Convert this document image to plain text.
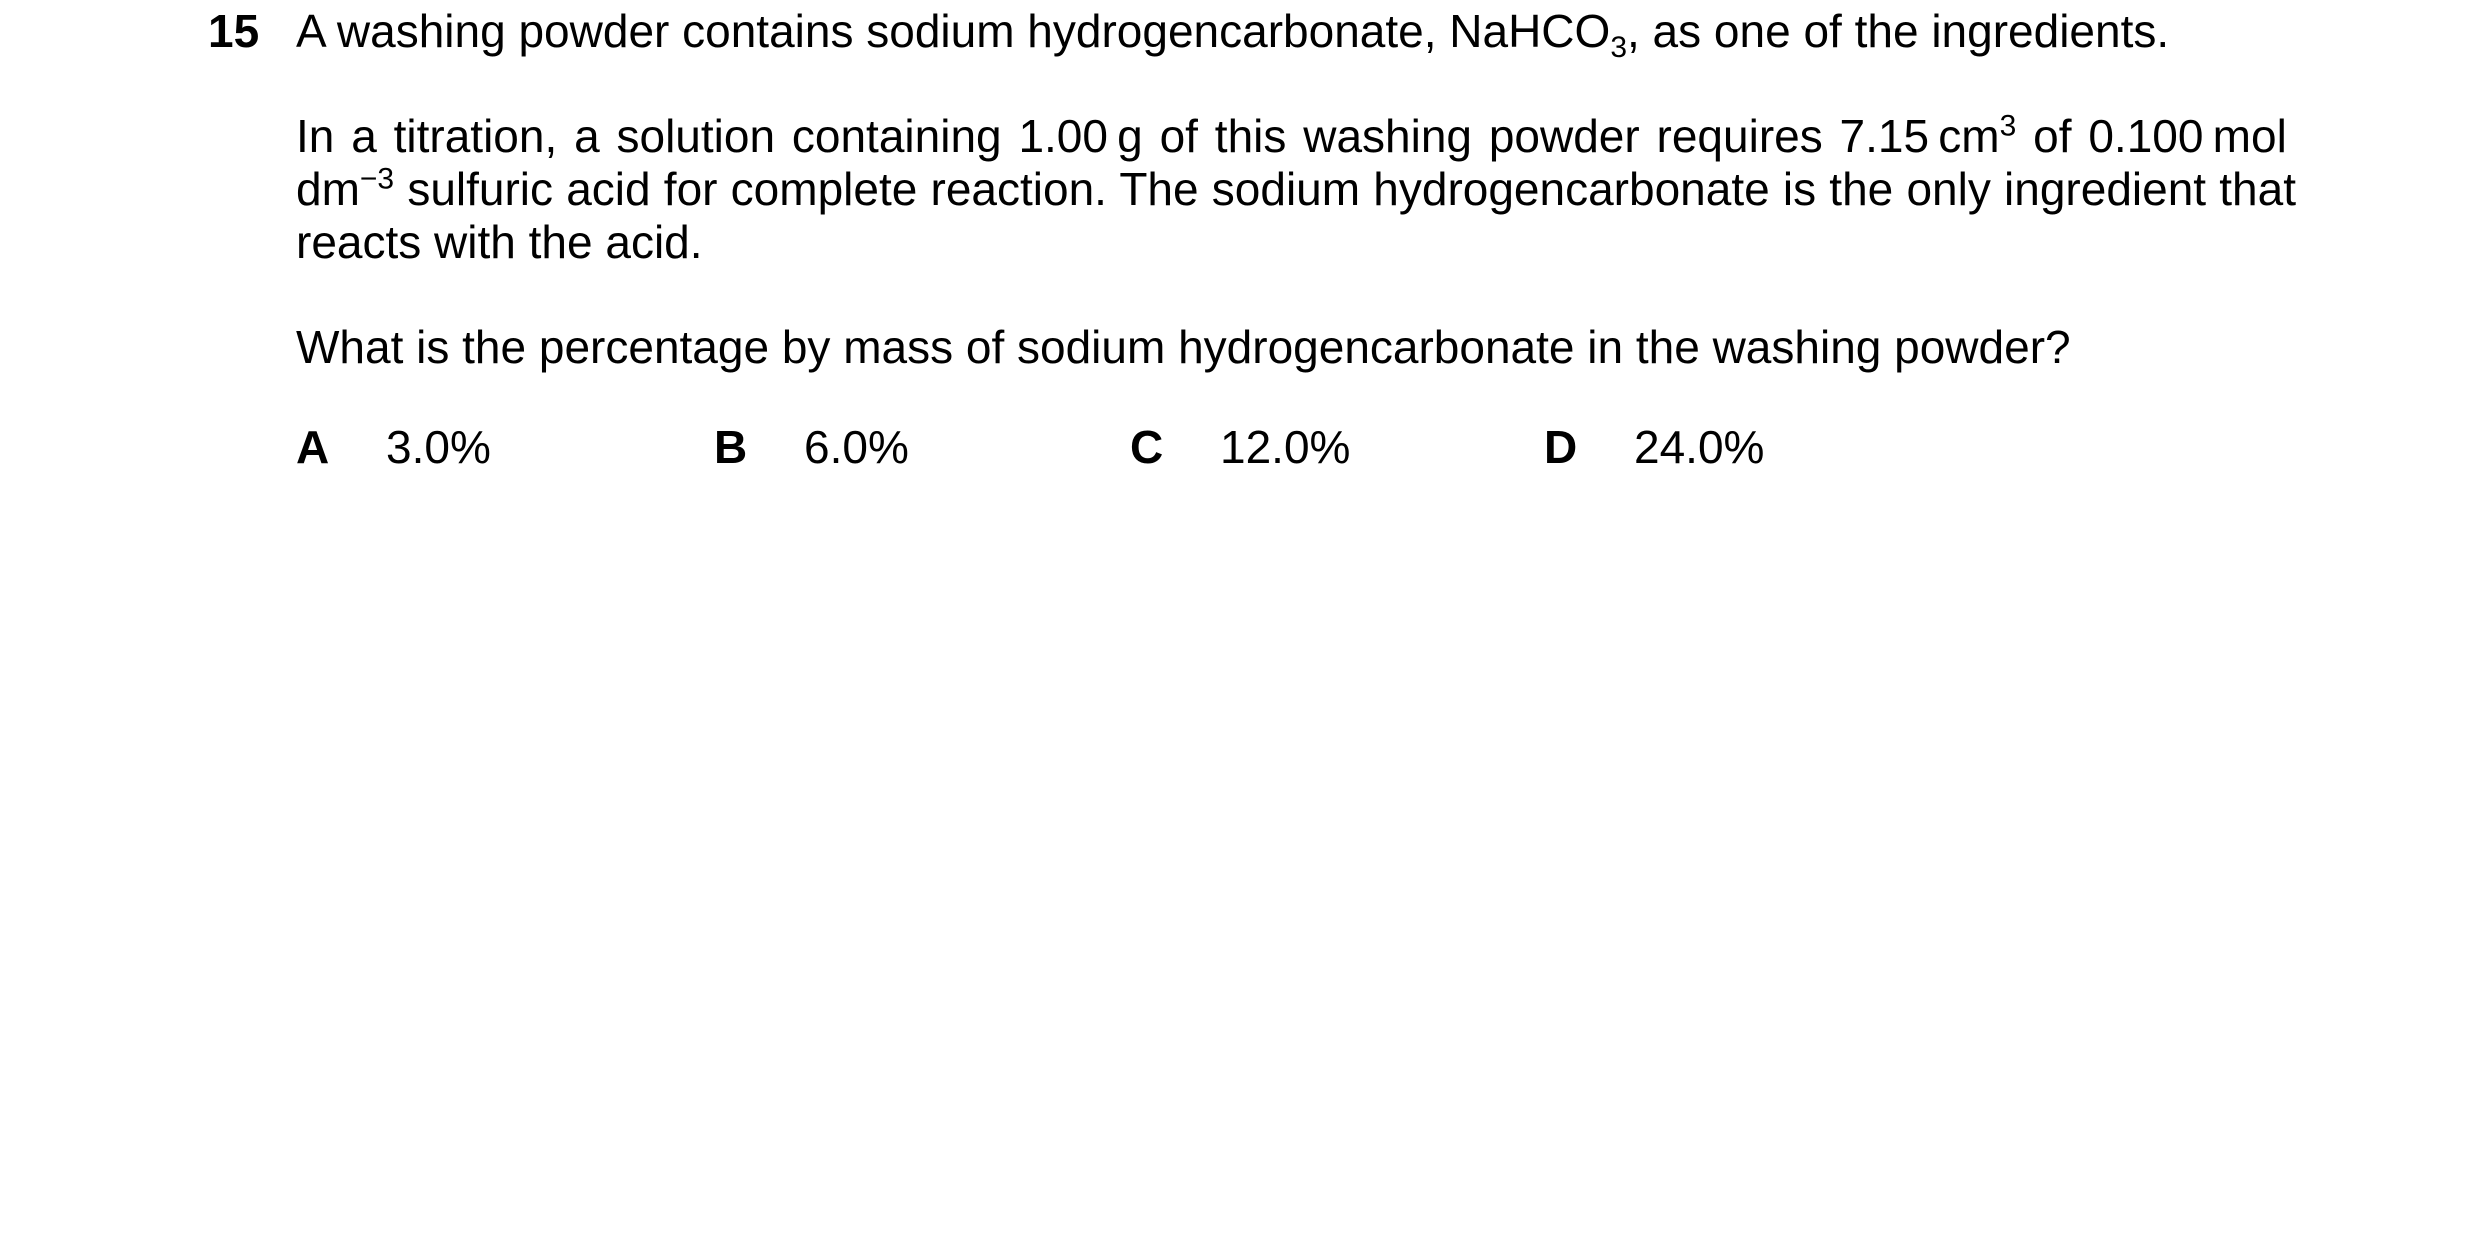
15 A washing powder contains sodium hydrogencarbonate, NaHCO$_3$, as one of the ingredients.
In a titration, a solution containing 1.00 g of this washing powder requires 7.15 $cm^3$ of 0.100 mol $dm^{-3}$ sulfuric acid for complete reaction. The sodium hydrogencarbonate is the only ingredient that reacts with the acid.
What is the percentage by mass of sodium hydrogencarbonate in the washing powder?
A 3.0%	B 6.0%	C 12.0%	D 24.0%
